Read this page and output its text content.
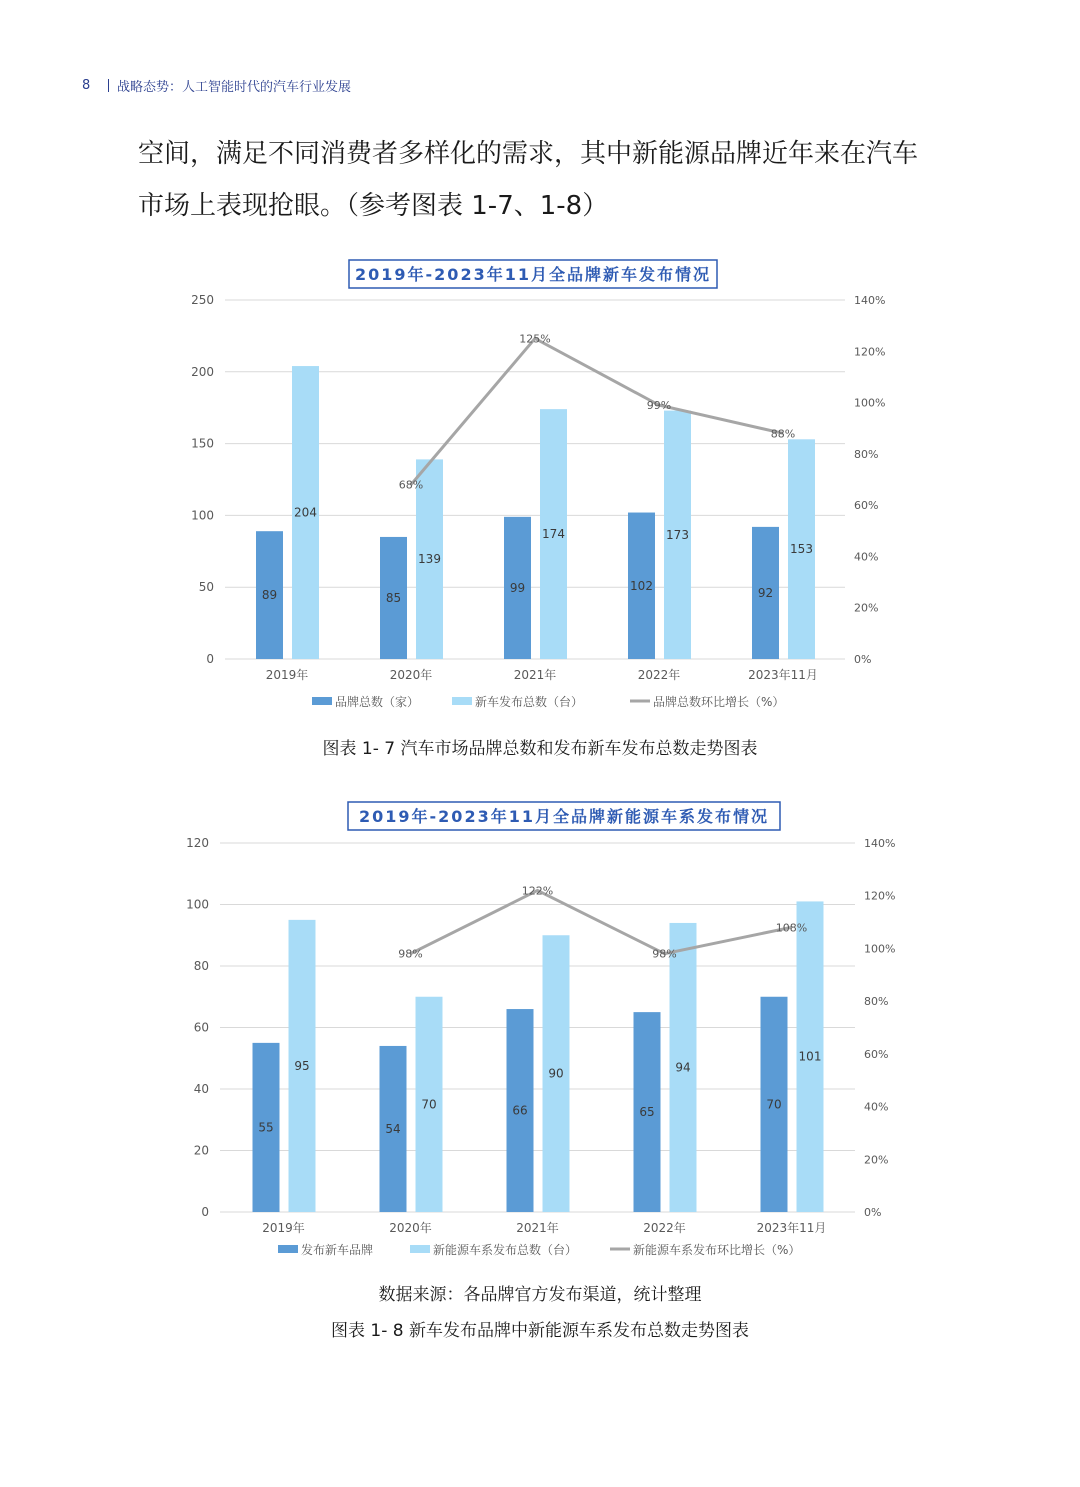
8	战略态势：人工智能时代的汽车行业发展

空间，满足不同消费者多样化的需求，其中新能源品牌近年来在汽车

市场上表现抢眼。（参考图表 1-7、1-8）

2019年-2023年11月全品牌新车发布情况
0
50
100
150
200
250
0%
20%
40%
60%
80%
100%
120%
140%
89
204
2019年
85
139
2020年
99
174
2021年
102
173
2022年
92
153
2023年11月
68%
125%
99%
88%
品牌总数（家）	新车发布总数（台）	品牌总数环比增长（%）
图表 1- 7 汽车市场品牌总数和发布新车发布总数走势图表
2019年-2023年11月全品牌新能源车系发布情况
0
20
40
60
80
100
120
0%
20%
40%
60%
80%
100%
120%
140%
55
95
2019年
54
70
2020年
66
90
2021年
65
94
2022年
70
101
2023年11月
98%
122%
98%
108%
发布新车品牌	新能源车系发布总数（台）	新能源车系发布环比增长（%）
数据来源：各品牌官方发布渠道，统计整理
图表 1- 8 新车发布品牌中新能源车系发布总数走势图表
